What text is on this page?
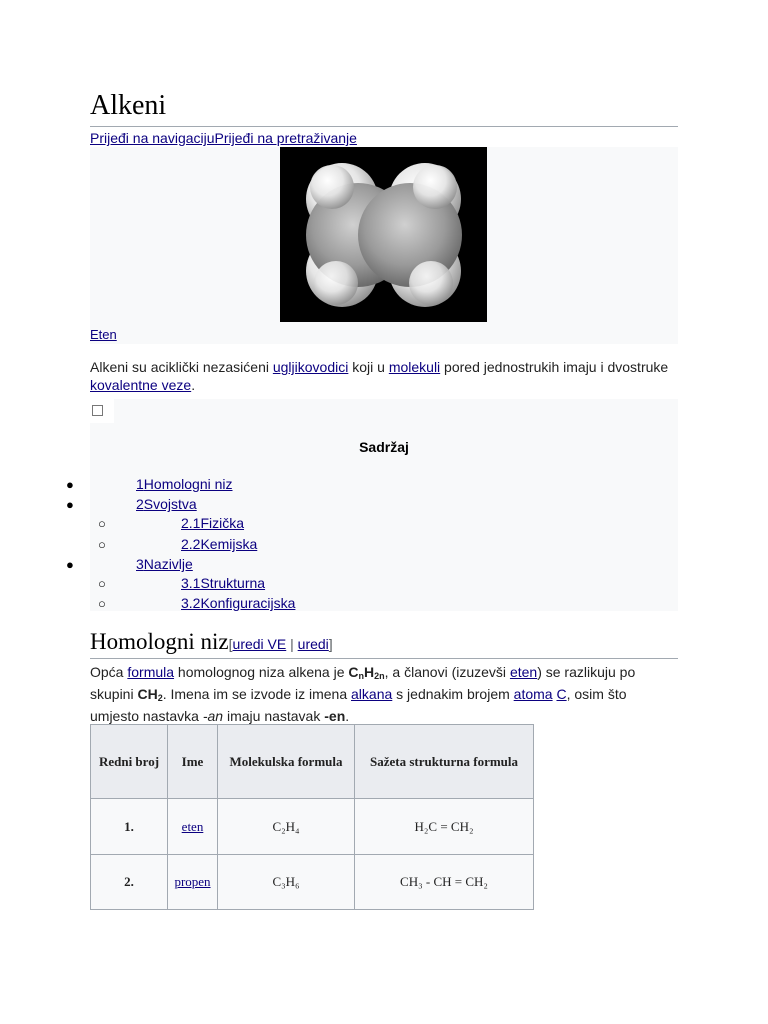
Alkeni
Prijeđi na navigacijuPrijeđi na pretraživanje
Eten
Alkeni su aciklički nezasićeni ugljikovodici koji u molekuli pored jednostrukih imaju i dvostruke kovalentne veze.
Sadržaj
●	1Homologni niz
●	2Svojstva
○	2.1Fizička
○	2.2Kemijska
●	3Nazivlje
○	3.1Strukturna
○	3.2Konfiguracijska
Homologni niz[uredi VE | uredi]
Opća formula homolognog niza alkena je $C_nH_{2n}$, a članovi (izuzevši eten) se razlikuju po skupini $CH_2$. Imena im se izvode iz imena alkana s jednakim brojem atoma C, osim što umjesto nastavka -an imaju nastavak -en.
Redni broj	Ime	Molekulska formula	Sažeta strukturna formula
1.	eten	C₂H₄	H₂C = CH₂
2.	propen	C₃H₆	CH₃ - CH = CH₂
